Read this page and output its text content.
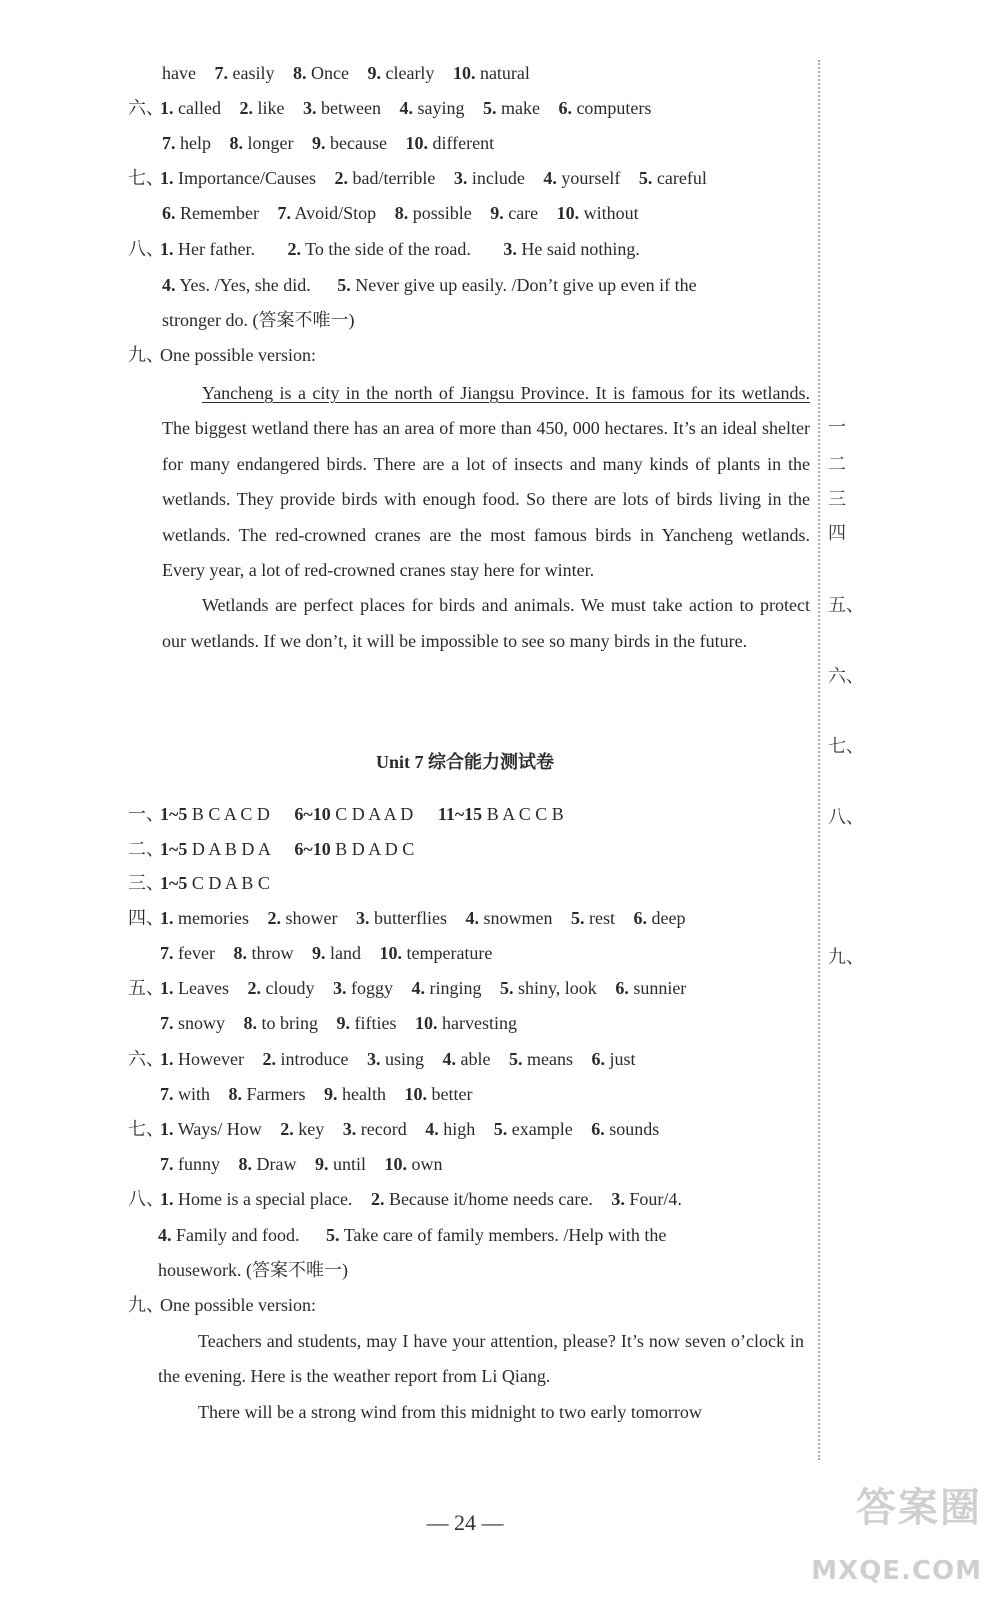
have 7. easily 8. Once 9. clearly 10. natural
六、1. called 2. like 3. between 4. saying 5. make 6. computers
7. help 8. longer 9. because 10. different
七、1. Importance/Causes 2. bad/terrible 3. include 4. yourself 5. careful
6. Remember 7. Avoid/Stop 8. possible 9. care 10. without
八、1. Her father. 2. To the side of the road. 3. He said nothing.
4. Yes. /Yes, she did. 5. Never give up easily. /Don’t give up even if the
stronger do. (答案不唯一)
九、One possible version:

Yancheng is a city in the north of Jiangsu Province. It is famous for its wetlands. The biggest wetland there has an area of more than 450, 000 hectares. It’s an ideal shelter for many endangered birds. There are a lot of insects and many kinds of plants in the wetlands. They provide birds with enough food. So there are lots of birds living in the wetlands. The red-crowned cranes are the most famous birds in Yancheng wetlands. Every year, a lot of red-crowned cranes stay here for winter.

Wetlands are perfect places for birds and animals. We must take action to protect our wetlands. If we don’t, it will be impossible to see so many birds in the future.

Unit 7 综合能力测试卷
一、1~5 B C A C D 6~10 C D A A D 11~15 B A C C B
二、1~5 D A B D A 6~10 B D A D C
三、1~5 C D A B C
四、1. memories 2. shower 3. butterflies 4. snowmen 5. rest 6. deep
7. fever 8. throw 9. land 10. temperature
五、1. Leaves 2. cloudy 3. foggy 4. ringing 5. shiny, look 6. sunnier
7. snowy 8. to bring 9. fifties 10. harvesting
六、1. However 2. introduce 3. using 4. able 5. means 6. just
7. with 8. Farmers 9. health 10. better
七、1. Ways/ How 2. key 3. record 4. high 5. example 6. sounds
7. funny 8. Draw 9. until 10. own
八、1. Home is a special place. 2. Because it/home needs care. 3. Four/4.
4. Family and food. 5. Take care of family members. /Help with the
housework. (答案不唯一)
九、One possible version:

Teachers and students, may I have your attention, please? It’s now seven o’clock in the evening. Here is the weather report from Li Qiang.

There will be a strong wind from this midnight to two early tomorrow

一
二
三
四
五、
六、
七、
八、
九、
— 24 —	答案圈
MXQE.COM
